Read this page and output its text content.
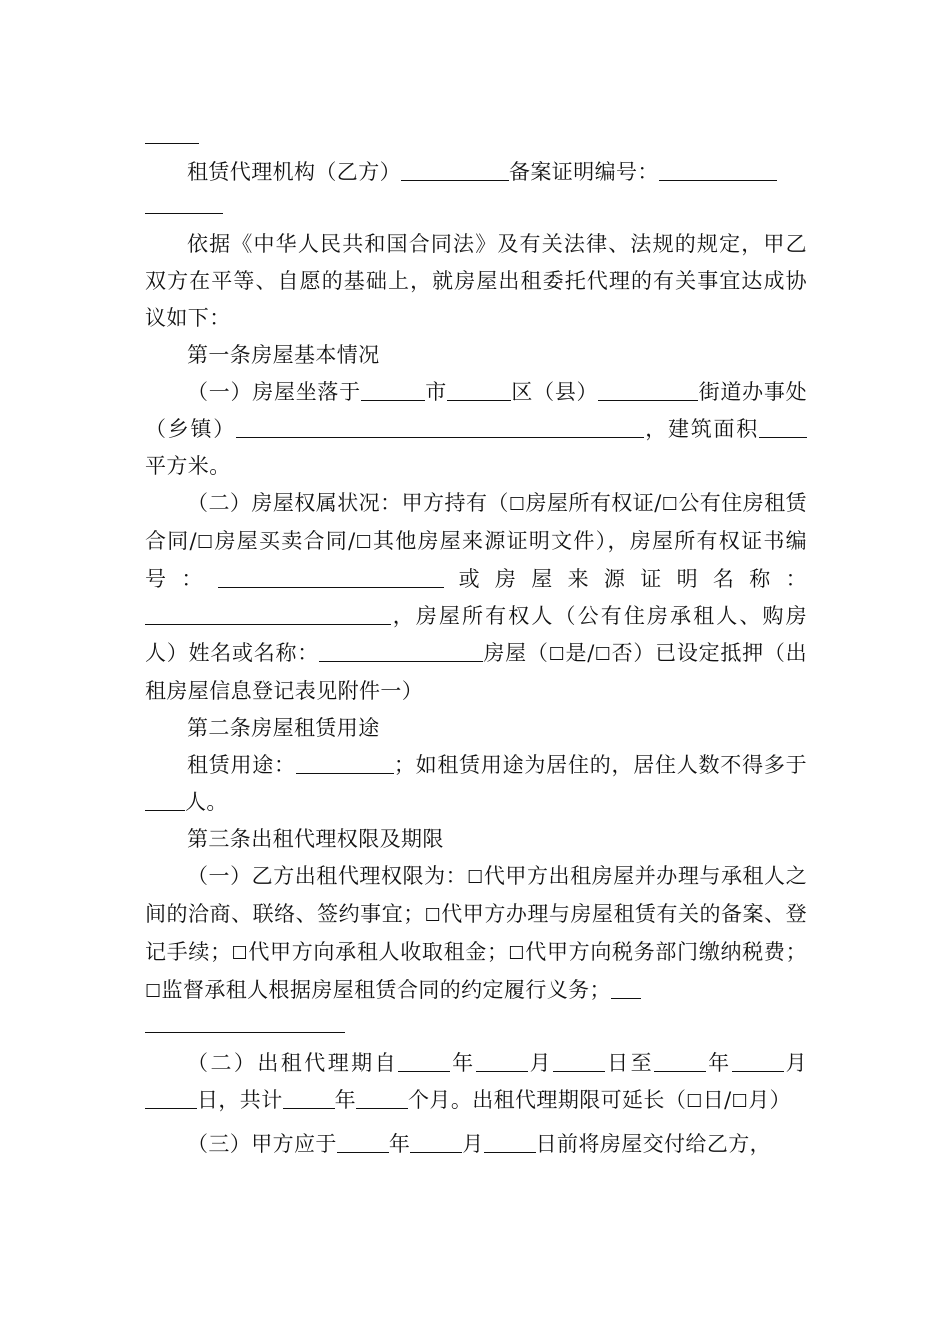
租赁代理机构（乙方）	备案证明编号：

依据《中华人民共和国合同法》及有关法律、法规的规定，甲乙双方在平等、自愿的基础上，就房屋出租委托代理的有关事宜达成协议如下：

第一条房屋基本情况

（一）房屋坐落于	市	区（县）	街道办事处（乡镇）	，建筑面积平方米。

（二）房屋权属状况：甲方持有（☐房屋所有权证/☐公有住房租赁合同/☐房屋买卖合同/☐其他房屋来源证明文件），房屋所有权证书编号：	或房屋来源证明名称：，房屋所有权人（公有住房承租人、购房人）姓名或名称：	房屋（☐是/☐否）已设定抵押（出租房屋信息登记表见附件一）

第二条房屋租赁用途

租赁用途：	；如租赁用途为居住的，居住人数不得多于人。

第三条出租代理权限及期限

（一）乙方出租代理权限为：☐代甲方出租房屋并办理与承租人之间的洽商、联络、签约事宜；☐代甲方办理与房屋租赁有关的备案、登记手续；☐代甲方向承租人收取租金；☐代甲方向税务部门缴纳税费；☐监督承租人根据房屋租赁合同的约定履行义务；

（二）出租代理期自 年 月 日至 年 月日，共计 年 个月。出租代理期限可延长（☐日/☐月）

（三）甲方应于 年 月 日前将房屋交付给乙方，
